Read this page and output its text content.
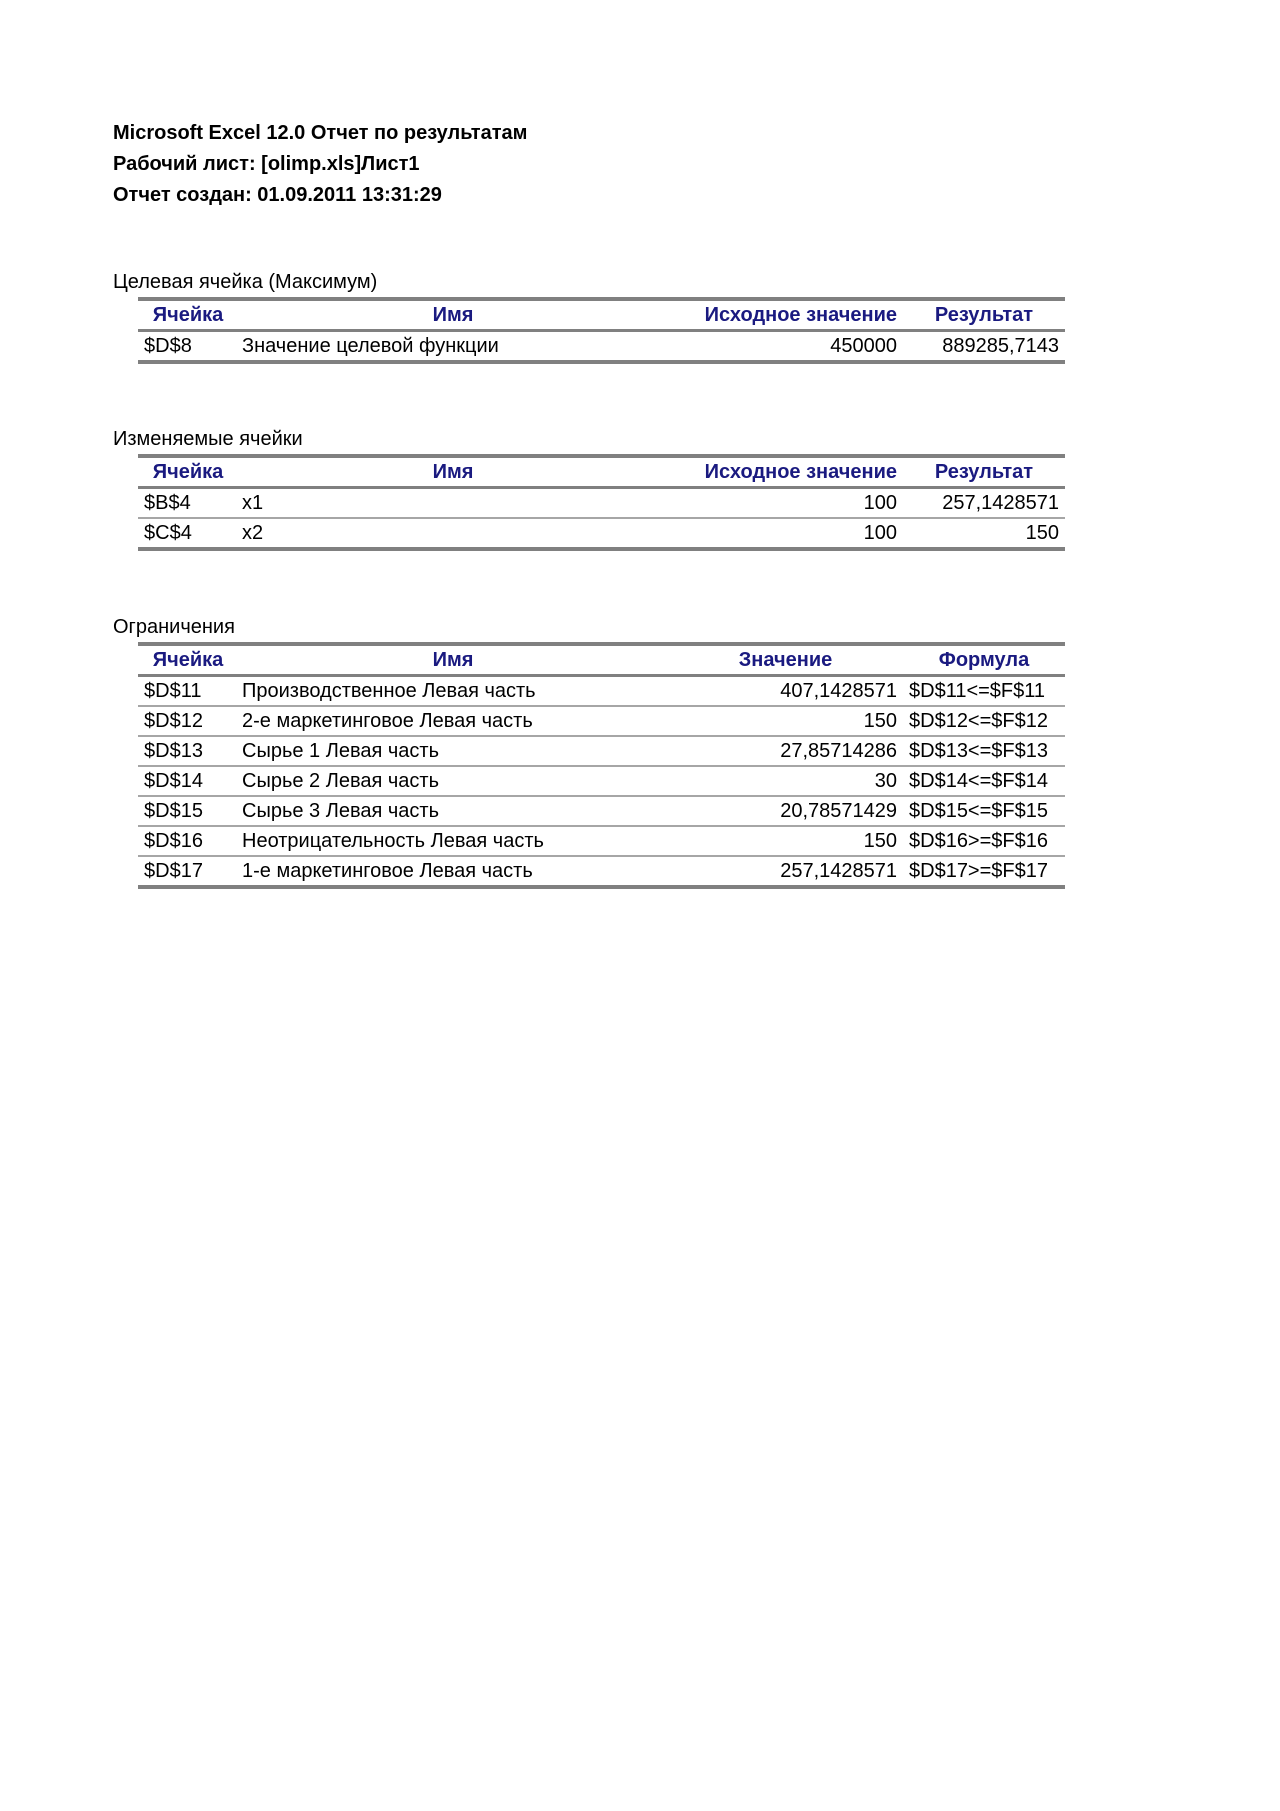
Microsoft Excel 12.0 Отчет по результатам
Рабочий лист: [olimp.xls]Лист1
Отчет создан: 01.09.2011 13:31:29
Целевая ячейка (Максимум)
Ячейка	Имя	Исходное значение	Результат
$D$8	Значение целевой функции	450000	889285,7143
Изменяемые ячейки
Ячейка	Имя	Исходное значение	Результат
$B$4	x1	100	257,1428571
$C$4	x2	100	150
Ограничения
Ячейка	Имя	Значение	Формула
$D$11	Производственное Левая часть	407,1428571	$D$11<=$F$11
$D$12	2-е маркетинговое Левая часть	150	$D$12<=$F$12
$D$13	Сырье 1 Левая часть	27,85714286	$D$13<=$F$13
$D$14	Сырье 2 Левая часть	30	$D$14<=$F$14
$D$15	Сырье 3 Левая часть	20,78571429	$D$15<=$F$15
$D$16	Неотрицательность Левая часть	150	$D$16>=$F$16
$D$17	1-е маркетинговое Левая часть	257,1428571	$D$17>=$F$17
